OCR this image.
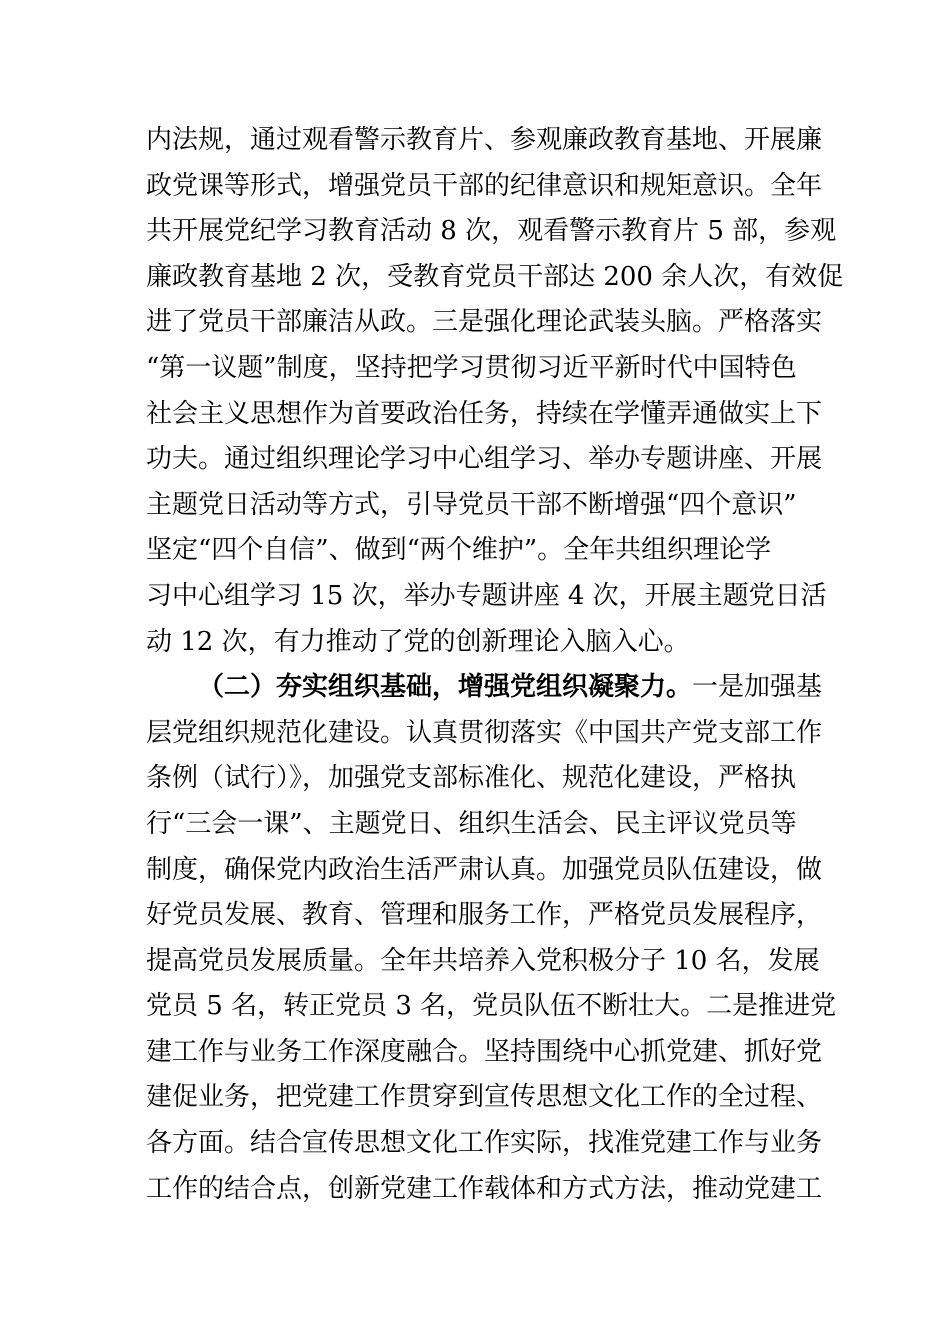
内法规，通过观看警示教育片、参观廉政教育基地、开展廉
政党课等形式，增强党员干部的纪律意识和规矩意识。全年
共开展党纪学习教育活动 8 次，观看警示教育片 5 部，参观
廉政教育基地 2 次，受教育党员干部达 200 余人次，有效促
进了党员干部廉洁从政。三是强化理论武装头脑。严格落实
“第一议题”制度，坚持把学习贯彻习近平新时代中国特色
社会主义思想作为首要政治任务，持续在学懂弄通做实上下
功夫。通过组织理论学习中心组学习、举办专题讲座、开展
主题党日活动等方式，引导党员干部不断增强“四个意识”
坚定“四个自信”、做到“两个维护”。全年共组织理论学
习中心组学习 15 次，举办专题讲座 4 次，开展主题党日活
动 12 次，有力推动了党的创新理论入脑入心。
（二）夯实组织基础，增强党组织凝聚力。一是加强基
层党组织规范化建设。认真贯彻落实《中国共产党支部工作
条例（试行）》，加强党支部标准化、规范化建设，严格执
行“三会一课”、主题党日、组织生活会、民主评议党员等
制度，确保党内政治生活严肃认真。加强党员队伍建设，做
好党员发展、教育、管理和服务工作，严格党员发展程序，
提高党员发展质量。全年共培养入党积极分子 10 名，发展
党员 5 名，转正党员 3 名，党员队伍不断壮大。二是推进党
建工作与业务工作深度融合。坚持围绕中心抓党建、抓好党
建促业务，把党建工作贯穿到宣传思想文化工作的全过程、
各方面。结合宣传思想文化工作实际，找准党建工作与业务
工作的结合点，创新党建工作载体和方式方法，推动党建工
